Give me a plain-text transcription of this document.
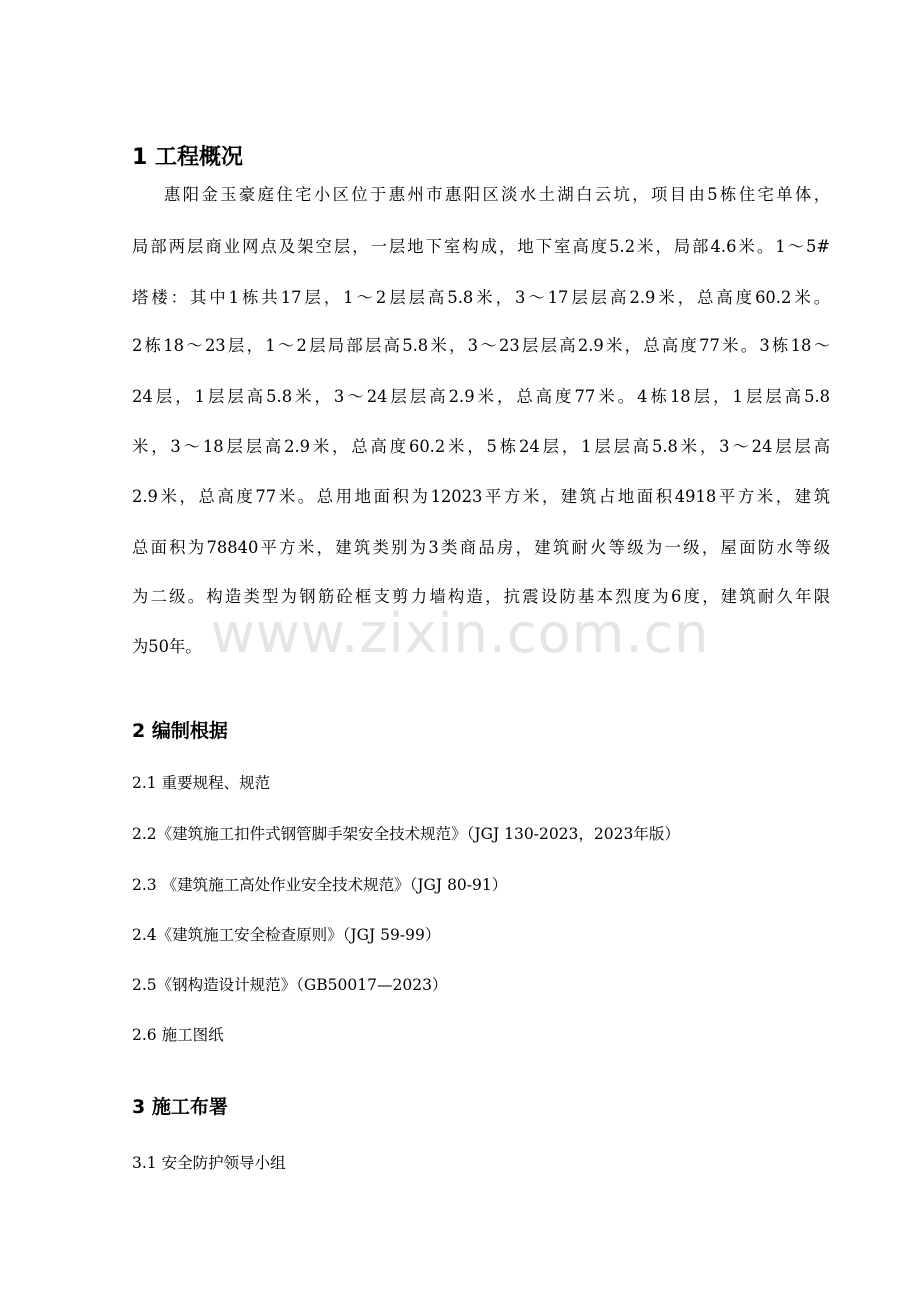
1 工程概况
惠阳金玉豪庭住宅小区位于惠州市惠阳区淡水土湖白云坑，项目由5栋住宅单体，
局部两层商业网点及架空层，一层地下室构成，地下室高度5.2米，局部4.6米。1～5#
塔楼：其中1栋共17层，1～2层层高5.8米，3～17层层高2.9米，总高度60.2米。
2栋18～23层，1～2层局部层高5.8米，3～23层层高2.9米，总高度77米。3栋18～
24层，1层层高5.8米，3～24层层高2.9米，总高度77米。4栋18层，1层层高5.8
米，3～18层层高2.9米，总高度60.2米，5栋24层，1层层高5.8米，3～24层层高
2.9米，总高度77米。总用地面积为12023平方米，建筑占地面积4918平方米，建筑
总面积为78840平方米，建筑类别为3类商品房，建筑耐火等级为一级，屋面防水等级
为二级。构造类型为钢筋砼框支剪力墙构造，抗震设防基本烈度为6度，建筑耐久年限
为50年。
2 编制根据
2.1 重要规程、规范
2.2《建筑施工扣件式钢管脚手架安全技术规范》（JGJ 130-2023，2023年版）
2.3 《建筑施工高处作业安全技术规范》（JGJ 80-91）
2.4《建筑施工安全检查原则》（JGJ 59-99）
2.5《钢构造设计规范》（GB50017—2023）
2.6 施工图纸
3 施工布署
3.1 安全防护领导小组
www.zixin.com.cn
